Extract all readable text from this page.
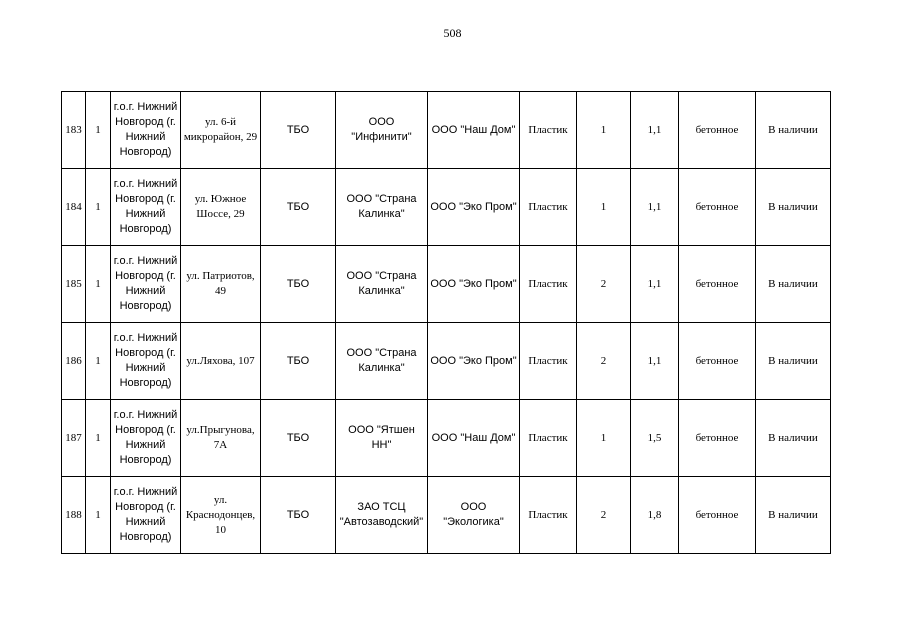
508
183	1	г.о.г. Нижний Новгород (г. Нижний Новгород)	ул. 6-й микрорайон, 29	ТБО	ООО "Инфинити"	ООО "Наш Дом"	Пластик	1	1,1	бетонное	В наличии
184	1	г.о.г. Нижний Новгород (г. Нижний Новгород)	ул. Южное Шоссе, 29	ТБО	ООО "Страна Калинка"	ООО "Эко Пром"	Пластик	1	1,1	бетонное	В наличии
185	1	г.о.г. Нижний Новгород (г. Нижний Новгород)	ул. Патриотов, 49	ТБО	ООО "Страна Калинка"	ООО "Эко Пром"	Пластик	2	1,1	бетонное	В наличии
186	1	г.о.г. Нижний Новгород (г. Нижний Новгород)	ул.Ляхова, 107	ТБО	ООО "Страна Калинка"	ООО "Эко Пром"	Пластик	2	1,1	бетонное	В наличии
187	1	г.о.г. Нижний Новгород (г. Нижний Новгород)	ул.Прыгунова, 7А	ТБО	ООО "Ятшен НН"	ООО "Наш Дом"	Пластик	1	1,5	бетонное	В наличии
188	1	г.о.г. Нижний Новгород (г. Нижний Новгород)	ул. Краснодонцев, 10	ТБО	ЗАО ТСЦ "Автозаводский"	ООО "Экологика"	Пластик	2	1,8	бетонное	В наличии
